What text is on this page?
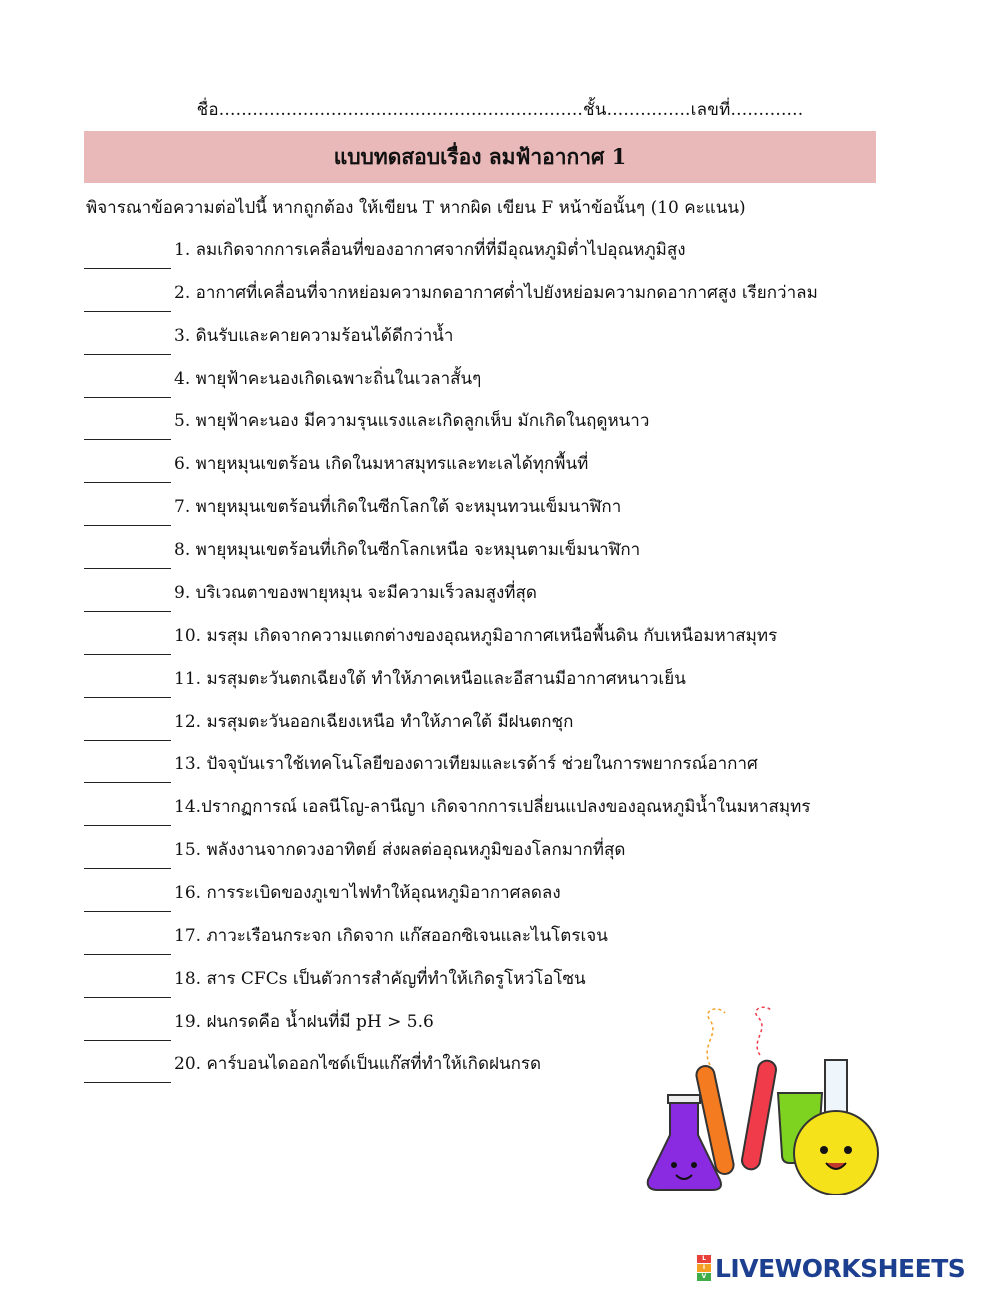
ชื่อ.................................................................ชั้น...............เลขที่.............
แบบทดสอบเรื่อง ลมฟ้าอากาศ 1
พิจารณาข้อความต่อไปนี้ หากถูกต้อง ให้เขียน T หากผิด เขียน F หน้าข้อนั้นๆ (10 คะแนน)
1. ลมเกิดจากการเคลื่อนที่ของอากาศจากที่ที่มีอุณหภูมิต่ำไปอุณหภูมิสูง
2. อากาศที่เคลื่อนที่จากหย่อมความกดอากาศต่ำไปยังหย่อมความกดอากาศสูง เรียกว่าลม
3. ดินรับและคายความร้อนได้ดีกว่าน้ำ
4. พายุฟ้าคะนองเกิดเฉพาะถิ่นในเวลาสั้นๆ
5. พายุฟ้าคะนอง มีความรุนแรงและเกิดลูกเห็บ มักเกิดในฤดูหนาว
6. พายุหมุนเขตร้อน เกิดในมหาสมุทรและทะเลได้ทุกพื้นที่
7. พายุหมุนเขตร้อนที่เกิดในซีกโลกใต้ จะหมุนทวนเข็มนาฬิกา
8. พายุหมุนเขตร้อนที่เกิดในซีกโลกเหนือ จะหมุนตามเข็มนาฬิกา
9. บริเวณตาของพายุหมุน จะมีความเร็วลมสูงที่สุด
10. มรสุม เกิดจากความแตกต่างของอุณหภูมิอากาศเหนือพื้นดิน กับเหนือมหาสมุทร
11. มรสุมตะวันตกเฉียงใต้ ทำให้ภาคเหนือและอีสานมีอากาศหนาวเย็น
12. มรสุมตะวันออกเฉียงเหนือ ทำให้ภาคใต้ มีฝนตกชุก
13. ปัจจุบันเราใช้เทคโนโลยีของดาวเทียมและเรด้าร์ ช่วยในการพยากรณ์อากาศ
14.ปรากฏการณ์ เอลนีโญ-ลานีญา เกิดจากการเปลี่ยนแปลงของอุณหภูมิน้ำในมหาสมุทร
15. พลังงานจากดวงอาทิตย์ ส่งผลต่ออุณหภูมิของโลกมากที่สุด
16. การระเบิดของภูเขาไฟทำให้อุณหภูมิอากาศลดลง
17. ภาวะเรือนกระจก เกิดจาก แก๊สออกซิเจนและไนโตรเจน
18. สาร CFCs เป็นตัวการสำคัญที่ทำให้เกิดรูโหว่โอโซน
19. ฝนกรดคือ น้ำฝนที่มี pH > 5.6
20. คาร์บอนไดออกไซด์เป็นแก๊สที่ทำให้เกิดฝนกรด
L
I
V LIVEWORKSHEETS
